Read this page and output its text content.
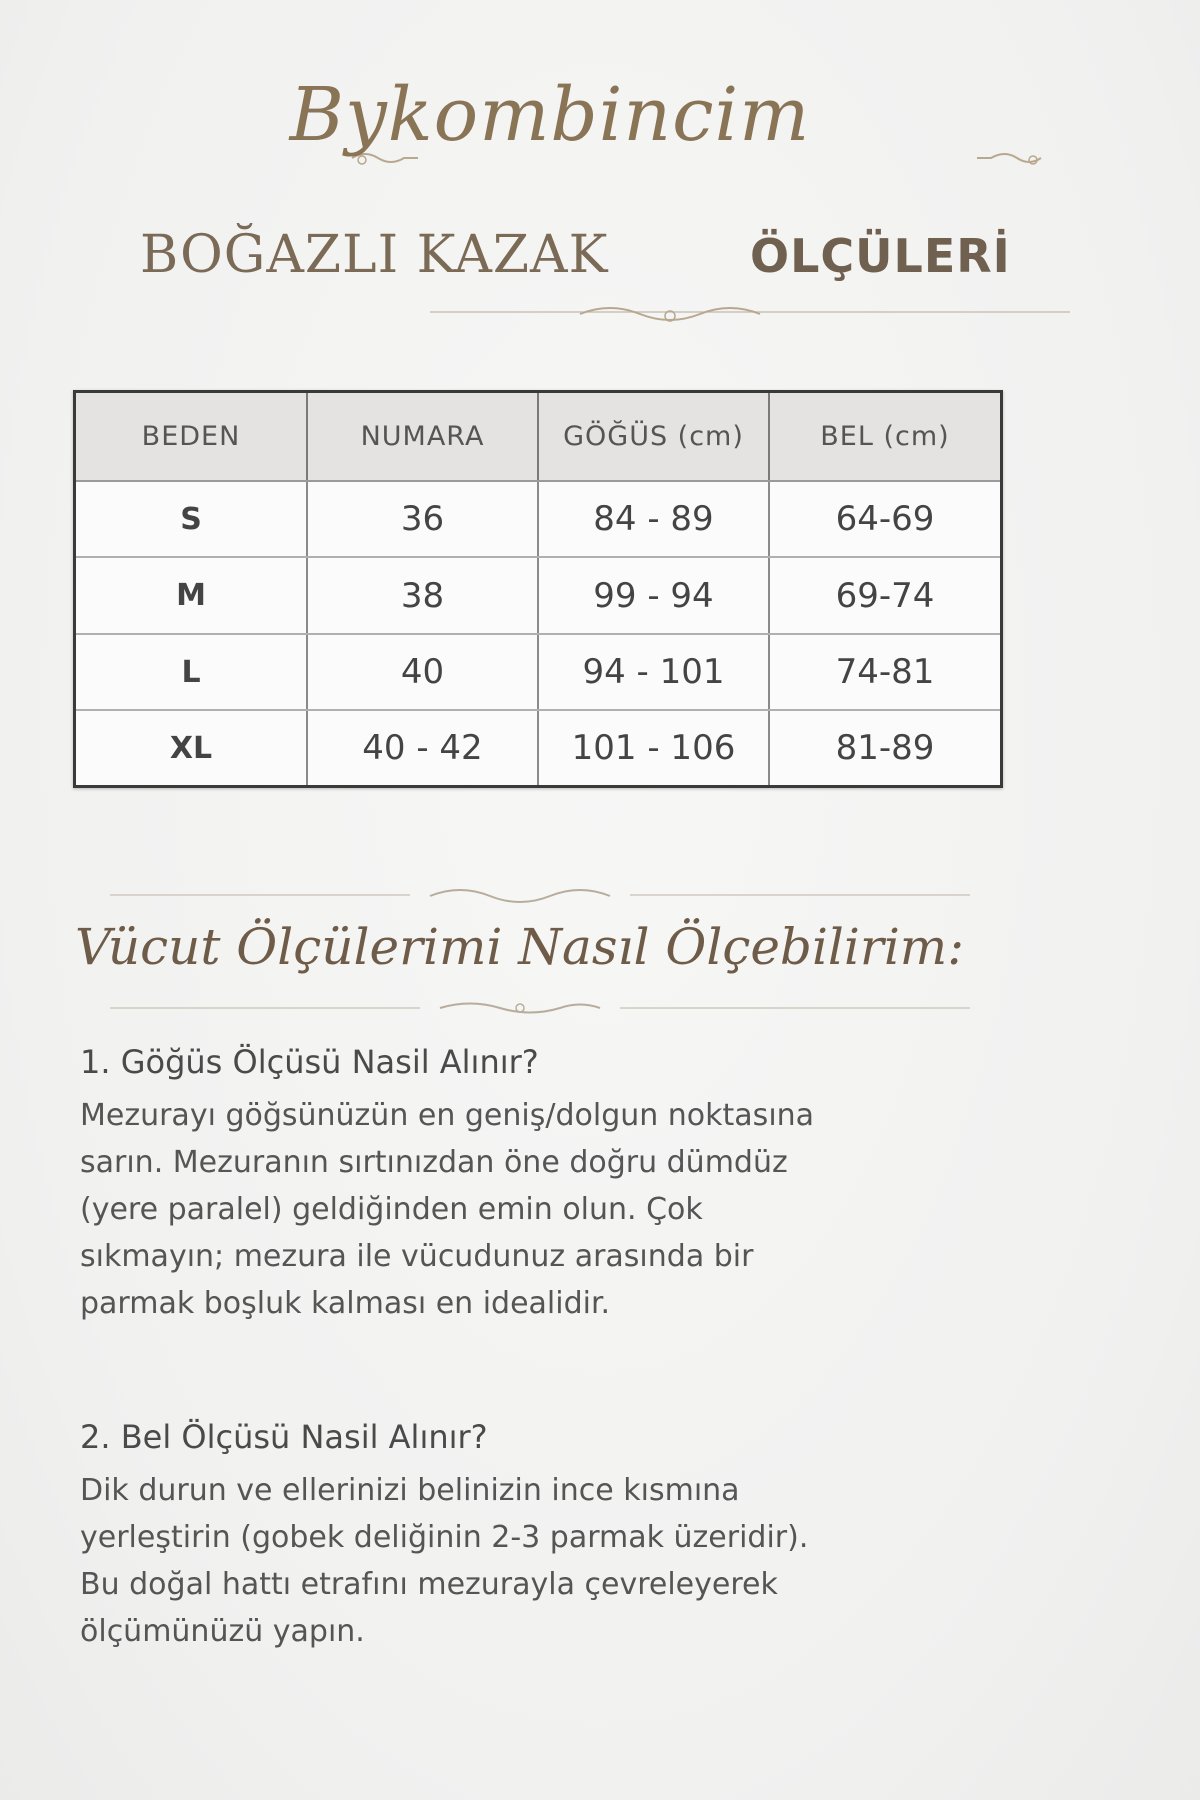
Bykombincim
BOĞAZLI KAZAK	ÖLÇÜLERİ
BEDEN	NUMARA	GÖĞÜS (cm)	BEL (cm)
S	36	84 - 89	64-69
M	38	99 - 94	69-74
L	40	94 - 101	74-81
XL	40 - 42	101 - 106	81-89
Vücut Ölçülerimi Nasıl Ölçebilirim:
1. Göğüs Ölçüsü Nasil Alınır?
Mezurayı göğsünüzün en geniş/dolgun noktasına sarın. Mezuranın sırtınızdan öne doğru dümdüz (yere paralel) geldiğinden emin olun. Çok sıkmayın; mezura ile vücudunuz arasında bir parmak boşluk kalması en idealidir.
2. Bel Ölçüsü Nasil Alınır?
Dik durun ve ellerinizi belinizin ince kısmına yerleştirin (gobek deliğinin 2-3 parmak üzeridir). Bu doğal hattı etrafını mezurayla çevreleyerek ölçümünüzü yapın.
